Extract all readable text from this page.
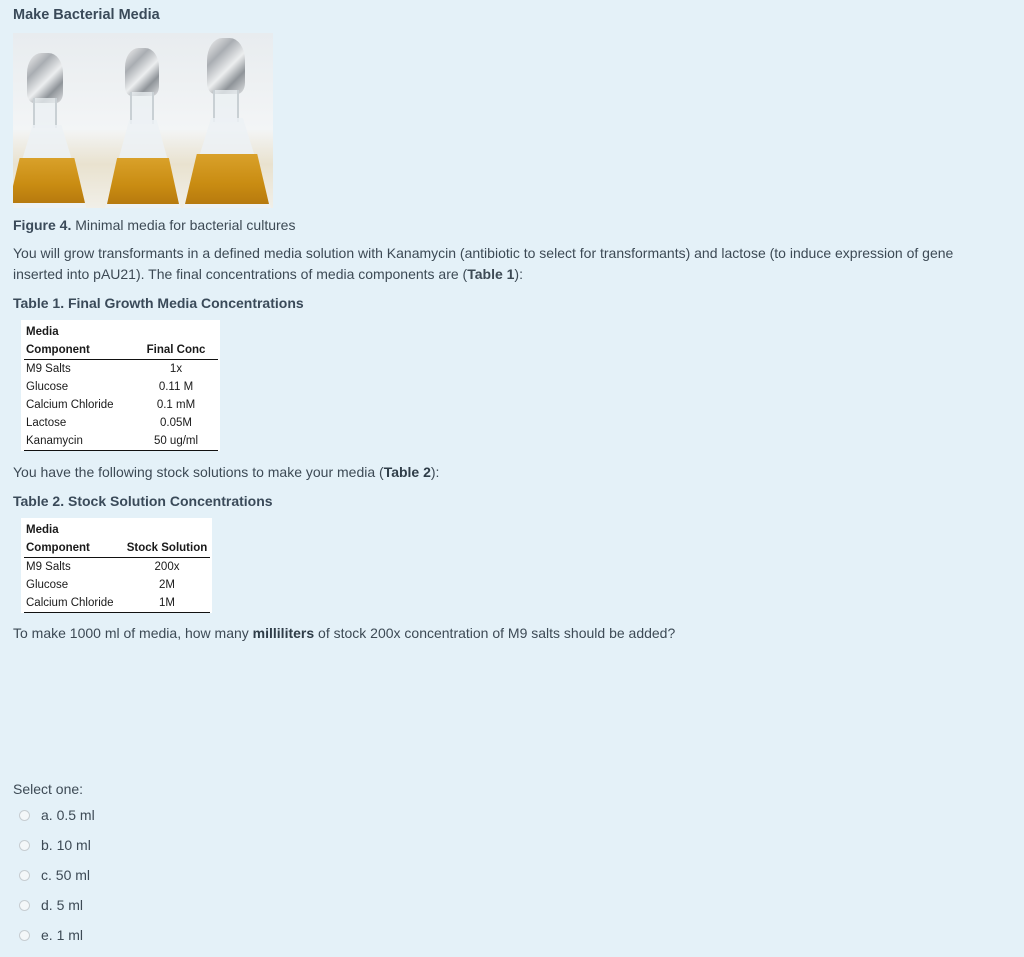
Make Bacterial Media
Figure 4. Minimal media for bacterial cultures
You will grow transformants in a defined media solution with Kanamycin (antibiotic to select for transformants) and lactose (to induce expression of gene inserted into pAU21). The final concentrations of media components are (Table 1):
Table 1. Final Growth Media Concentrations
Media
Component	Final Conc
M9 Salts	1x
Glucose	0.11 M
Calcium Chloride	0.1 mM
Lactose	0.05M
Kanamycin	50 ug/ml
You have the following stock solutions to make your media (Table 2):
Table 2. Stock Solution Concentrations
Media
Component	Stock Solution
M9 Salts	200x
Glucose	2M
Calcium Chloride	1M
To make 1000 ml of media, how many milliliters of stock 200x concentration of M9 salts should be added?
Select one:
a. 0.5 ml
b. 10 ml
c. 50 ml
d. 5 ml
e. 1 ml
